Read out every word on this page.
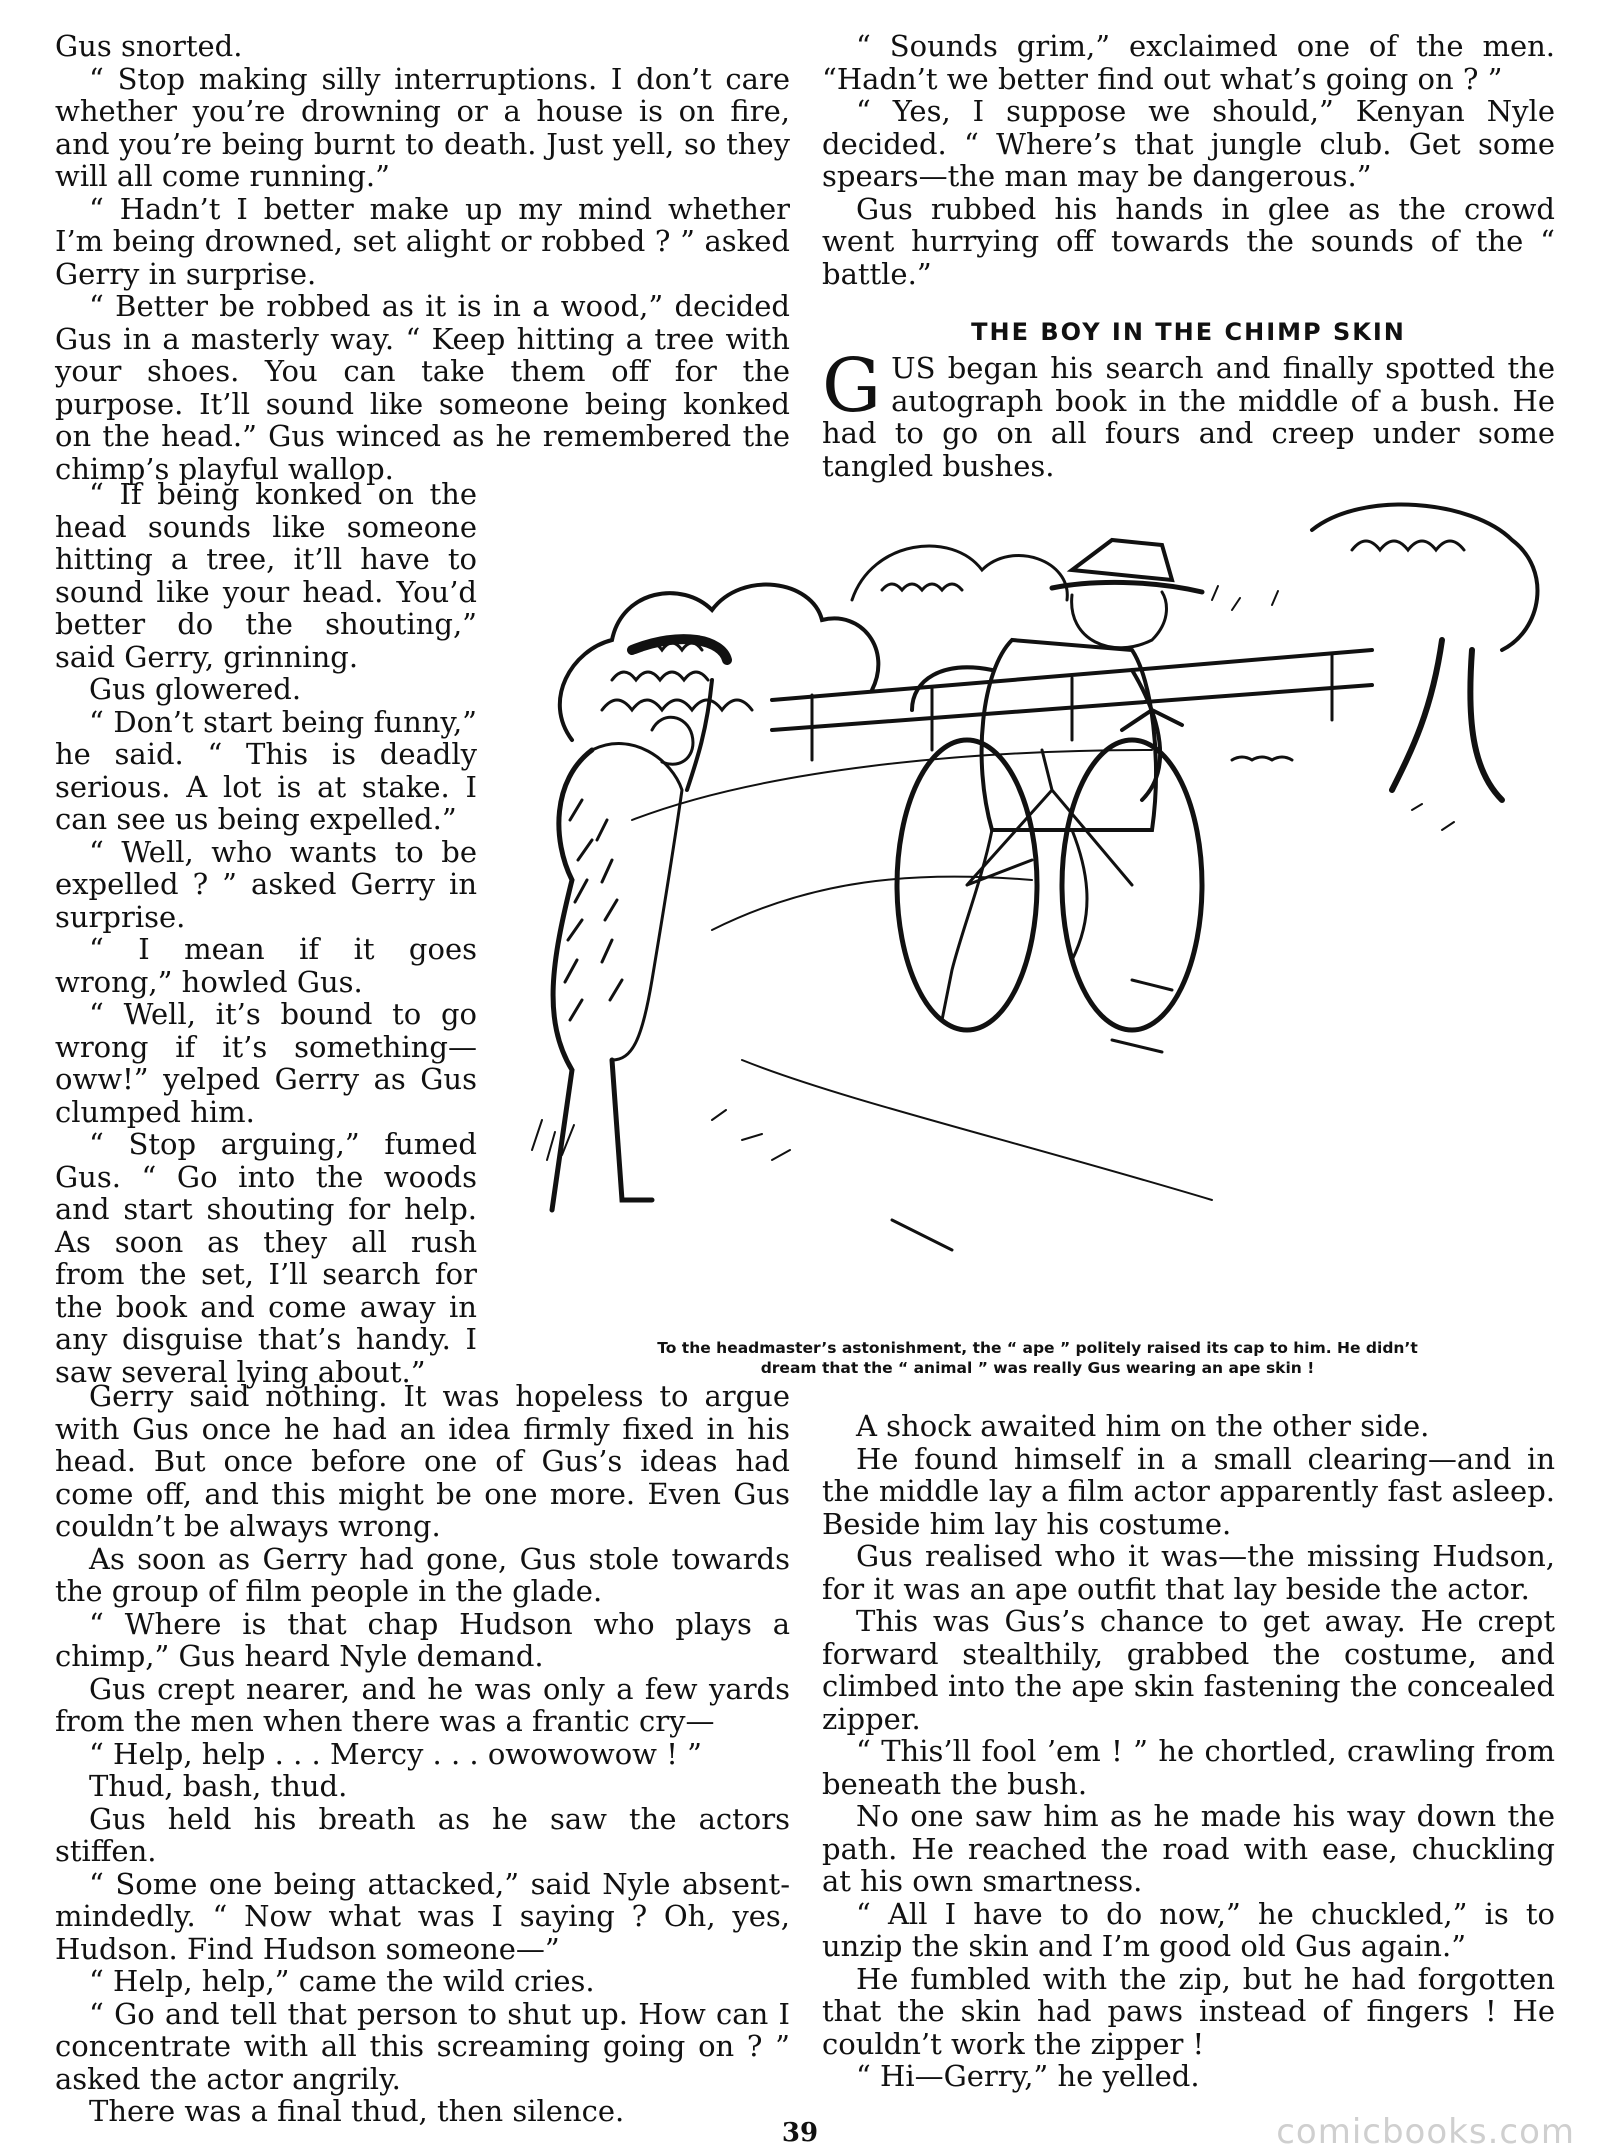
Gus snorted.

“ Stop making silly interruptions. I don’t care whether you’re drowning or a house is on fire, and you’re being burnt to death. Just yell, so they will all come running.”

“ Hadn’t I better make up my mind whether I’m being drowned, set alight or robbed ? ” asked Gerry in surprise.

“ Better be robbed as it is in a wood,” decided Gus in a masterly way. “ Keep hitting a tree with your shoes. You can take them off for the purpose. It’ll sound like someone being konked on the head.” Gus winced as he remembered the chimp’s playful wallop.

“ If being konked on the head sounds like someone hitting a tree, it’ll have to sound like your head. You’d better do the shouting,” said Gerry, grinning.

Gus glowered.

“ Don’t start being funny,” he said. “ This is deadly serious. A lot is at stake. I can see us being expelled.”

“ Well, who wants to be expelled ? ” asked Gerry in surprise.

“ I mean if it goes wrong,” howled Gus.

“ Well, it’s bound to go wrong if it’s something—oww!” yelped Gerry as Gus clumped him.

“ Stop arguing,” fumed Gus. “ Go into the woods and start shouting for help. As soon as they all rush from the set, I’ll search for the book and come away in any disguise that’s handy. I saw several lying about.”

Gerry said nothing. It was hopeless to argue with Gus once he had an idea firmly fixed in his head. But once before one of Gus’s ideas had come off, and this might be one more. Even Gus couldn’t be always wrong.

As soon as Gerry had gone, Gus stole towards the group of film people in the glade.

“ Where is that chap Hudson who plays a chimp,” Gus heard Nyle demand.

Gus crept nearer, and he was only a few yards from the men when there was a frantic cry—

“ Help, help . . . Mercy . . . owowowow ! ”

Thud, bash, thud.

Gus held his breath as he saw the actors stiffen.

“ Some one being attacked,” said Nyle absent-mindedly. “ Now what was I saying ? Oh, yes, Hudson. Find Hudson someone—”

“ Help, help,” came the wild cries.

“ Go and tell that person to shut up. How can I concentrate with all this screaming going on ? ” asked the actor angrily.

There was a final thud, then silence.

“ Sounds grim,” exclaimed one of the men. “Hadn’t we better find out what’s going on ? ”

“ Yes, I suppose we should,” Kenyan Nyle decided. “ Where’s that jungle club. Get some spears—the man may be dangerous.”

Gus rubbed his hands in glee as the crowd went hurrying off towards the sounds of the “ battle.”

THE BOY IN THE CHIMP SKIN

GUS began his search and finally spotted the autograph book in the middle of a bush. He had to go on all fours and creep under some tangled bushes.

To the headmaster’s astonishment, the “ ape ” politely raised its cap to him. He didn’t
dream that the “ animal ” was really Gus wearing an ape skin !

A shock awaited him on the other side.

He found himself in a small clearing—and in the middle lay a film actor apparently fast asleep. Beside him lay his costume.

Gus realised who it was—the missing Hudson, for it was an ape outfit that lay beside the actor.

This was Gus’s chance to get away. He crept forward stealthily, grabbed the costume, and climbed into the ape skin fastening the concealed zipper.

“ This’ll fool ’em ! ” he chortled, crawling from beneath the bush.

No one saw him as he made his way down the path. He reached the road with ease, chuckling at his own smartness.

“ All I have to do now,” he chuckled,” is to unzip the skin and I’m good old Gus again.”

He fumbled with the zip, but he had forgotten that the skin had paws instead of fingers ! He couldn’t work the zipper !

“ Hi—Gerry,” he yelled.

39	comicbooks.com
